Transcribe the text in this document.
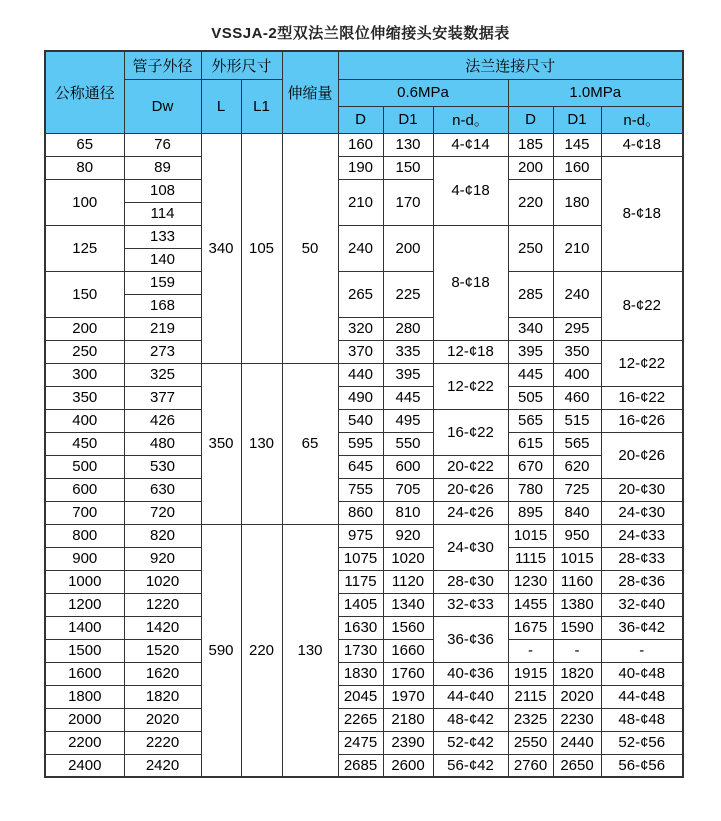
VSSJA-2型双法兰限位伸缩接头安装数据表
公称通径	管子外径	外形尺寸		伸缩量	法兰连接尺寸					
	Dw	L	L1		0.6MPa			1.0MPa		
					D	D1	n-d。	D	D1	n-d。
65	76	340	105	50	160	130	4-¢14	185	145	4-¢18
80	89				190	150	4-¢18	200	160	8-¢18
100	108				210	170		220	180	
	114									
125	133				240	200	8-¢18	250	210	
	140									
150	159				265	225		285	240	8-¢22
	168									
200	219				320	280		340	295	
250	273				370	335	12-¢18	395	350	12-¢22
300	325	350	130	65	440	395	12-¢22	445	400	
350	377				490	445		505	460	16-¢22
400	426				540	495	16-¢22	565	515	16-¢26
450	480				595	550		615	565	20-¢26
500	530				645	600	20-¢22	670	620	
600	630				755	705	20-¢26	780	725	20-¢30
700	720				860	810	24-¢26	895	840	24-¢30
800	820	590	220	130	975	920	24-¢30	1015	950	24-¢33
900	920				1075	1020		1115	1015	28-¢33
1000	1020				1175	1120	28-¢30	1230	1160	28-¢36
1200	1220				1405	1340	32-¢33	1455	1380	32-¢40
1400	1420				1630	1560	36-¢36	1675	1590	36-¢42
1500	1520				1730	1660		-	-	-
1600	1620				1830	1760	40-¢36	1915	1820	40-¢48
1800	1820				2045	1970	44-¢40	2115	2020	44-¢48
2000	2020				2265	2180	48-¢42	2325	2230	48-¢48
2200	2220				2475	2390	52-¢42	2550	2440	52-¢56
2400	2420				2685	2600	56-¢42	2760	2650	56-¢56
